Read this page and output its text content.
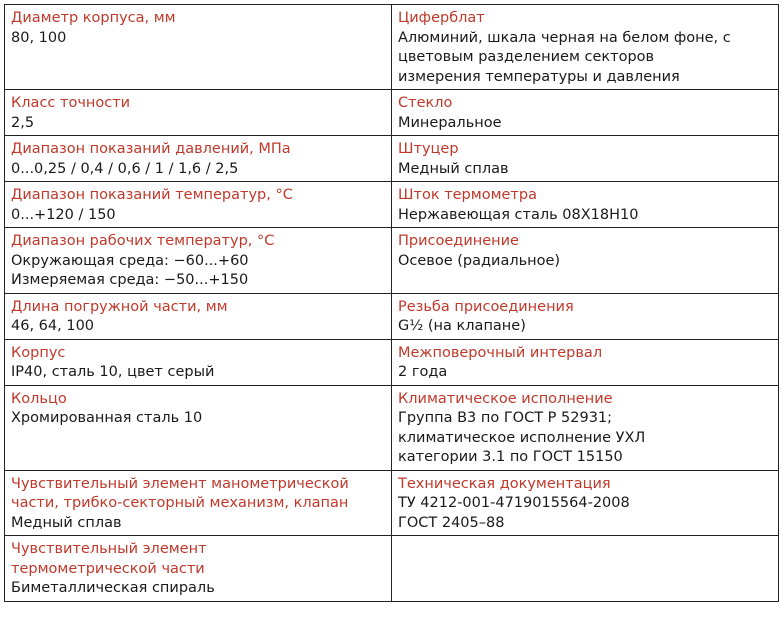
Диаметр корпуса, мм
80, 100	Циферблат
Алюминий, шкала черная на белом фоне, с
цветовым разделением секторов
измерения температуры и давления

Класс точности
2,5	Стекло
Минеральное

Диапазон показаний давлений, МПа
0...0,25 / 0,4 / 0,6 / 1 / 1,6 / 2,5	Штуцер
Медный сплав

Диапазон показаний температур, °С
0...+120 / 150	Шток термометра
Нержавеющая сталь 08Х18Н10

Диапазон рабочих температур, °С
Окружающая среда: −60...+60
Измеряемая среда: −50...+150	Присоединение
Осевое (радиальное)

Длина погружной части, мм
46, 64, 100	Резьба присоединения
G½ (на клапане)

Корпус
IP40, сталь 10, цвет серый	Межповерочный интервал
2 года

Кольцо
Хромированная сталь 10	Климатическое исполнение
Группа В3 по ГОСТ Р 52931;
климатическое исполнение УХЛ
категории 3.1 по ГОСТ 15150

Чувствительный элемент манометрической
части, трибко-секторный механизм, клапан
Медный сплав	Техническая документация
ТУ 4212-001-4719015564-2008
ГОСТ 2405–88

Чувствительный элемент
термометрической части
Биметаллическая спираль	
